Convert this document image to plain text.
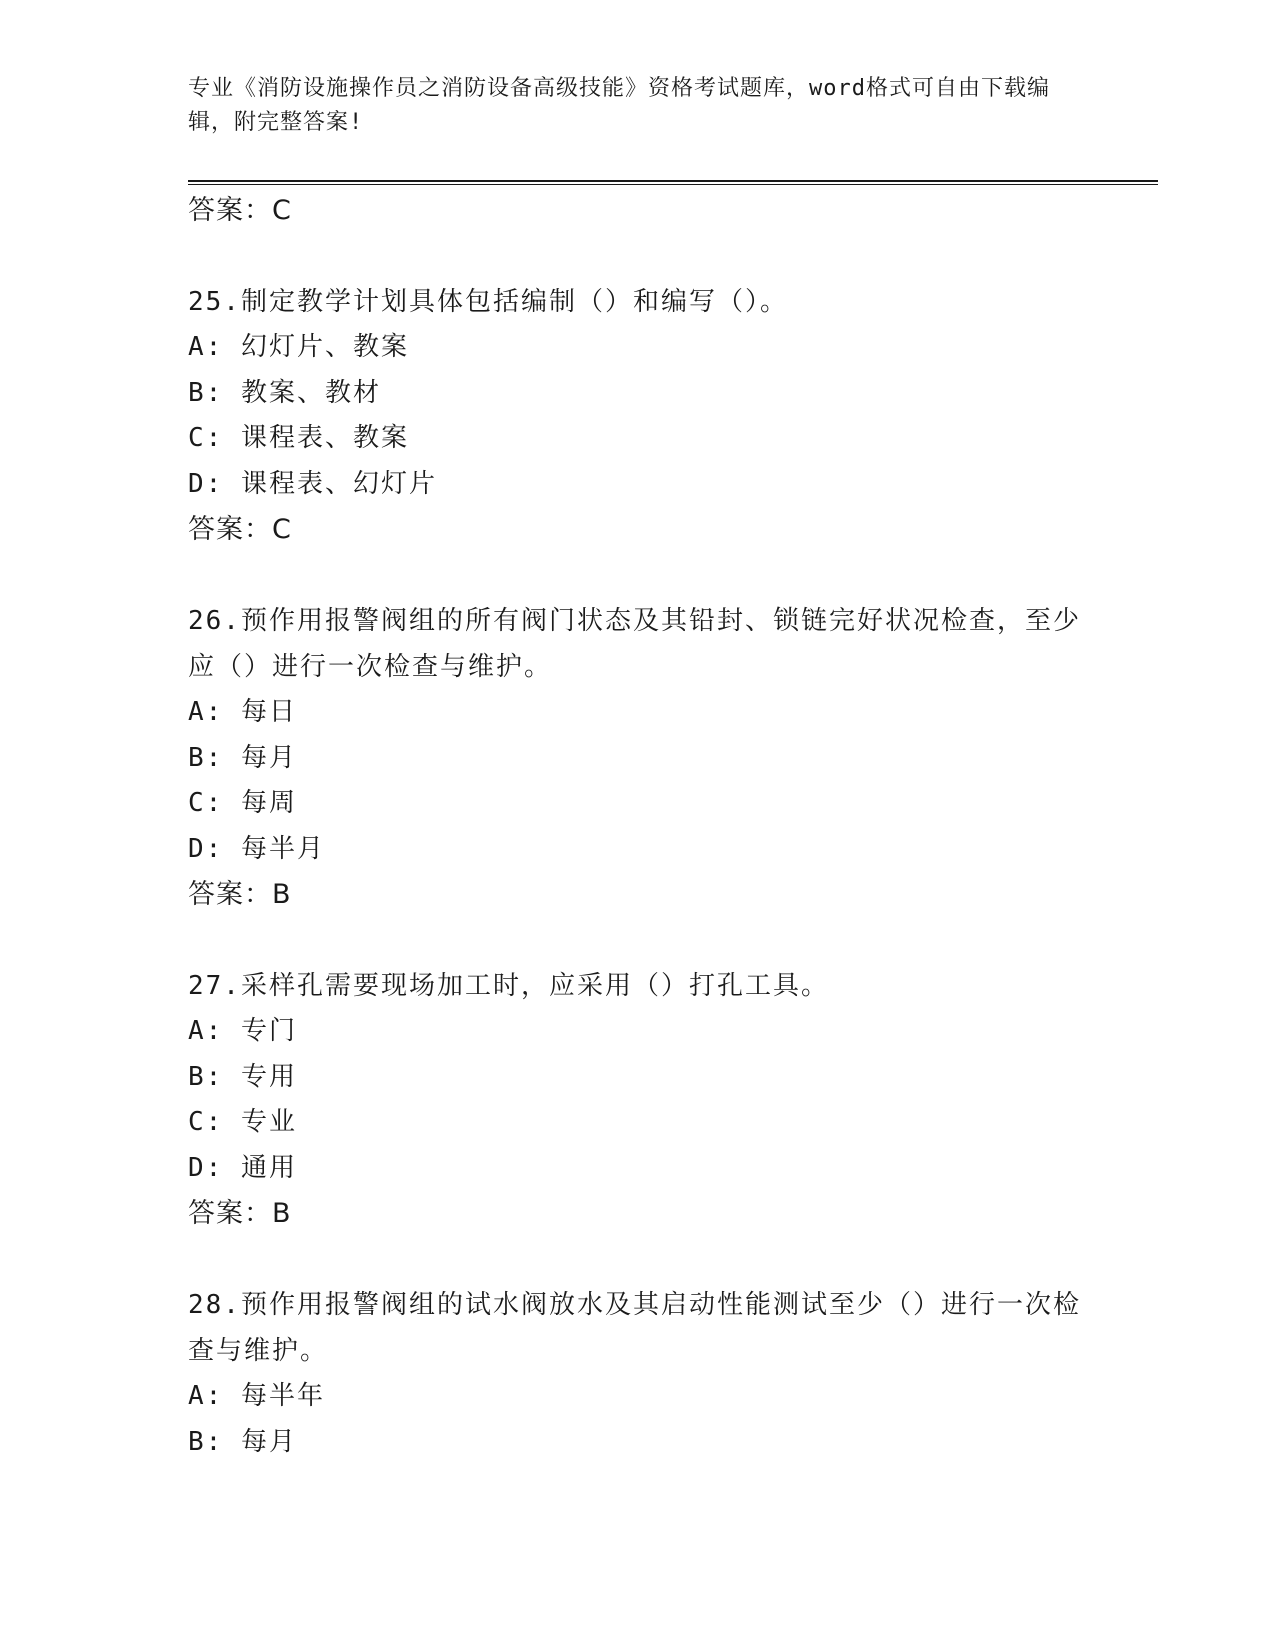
专业《消防设施操作员之消防设备高级技能》资格考试题库，word格式可自由下载编辑，附完整答案!
答案：C
25.制定教学计划具体包括编制（）和编写（）。
A: 幻灯片、教案
B: 教案、教材
C: 课程表、教案
D: 课程表、幻灯片
答案：C
26.预作用报警阀组的所有阀门状态及其铅封、锁链完好状况检查，至少应（）进行一次检查与维护。
A: 每日
B: 每月
C: 每周
D: 每半月
答案：B
27.采样孔需要现场加工时，应采用（）打孔工具。
A: 专门
B: 专用
C: 专业
D: 通用
答案：B
28.预作用报警阀组的试水阀放水及其启动性能测试至少（）进行一次检查与维护。
A: 每半年
B: 每月
